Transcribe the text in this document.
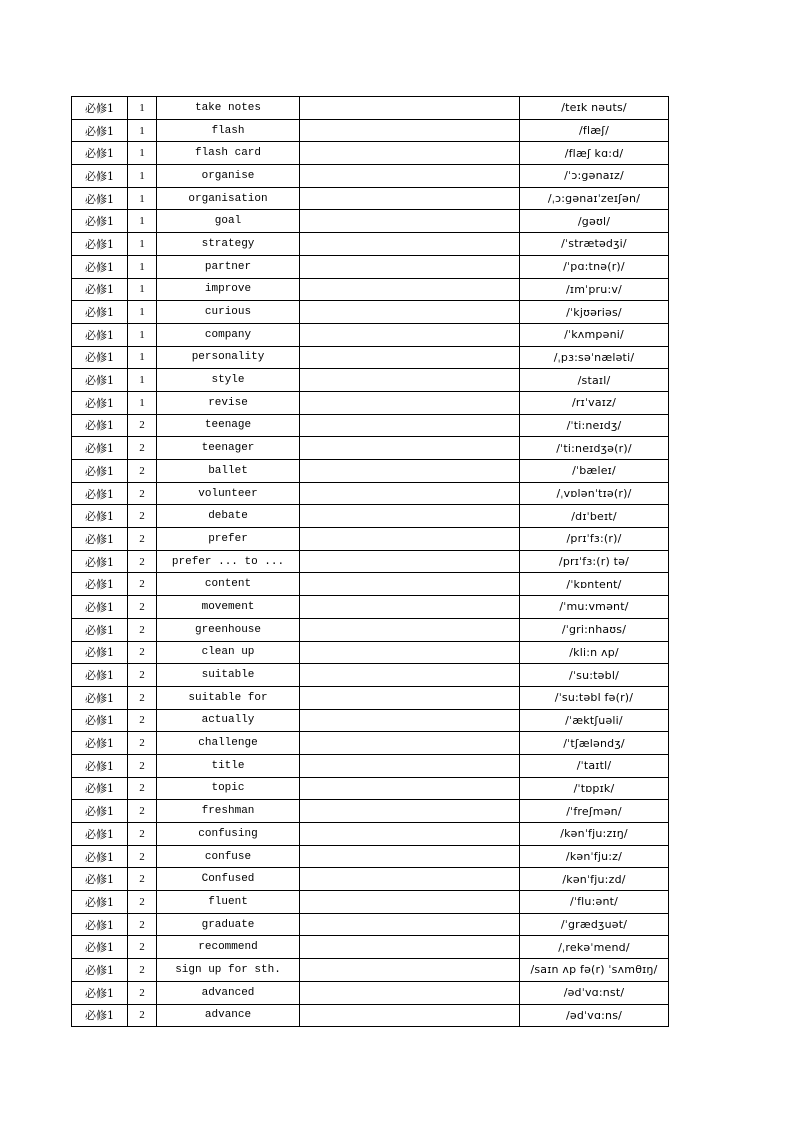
必修1	1	take notes		/teɪk nəuts/
必修1	1	flash		/flæʃ/
必修1	1	flash card		/flæʃ kɑ:d/
必修1	1	organise		/ˈɔ:gənaɪz/
必修1	1	organisation		/ˌɔ:gənaɪˈzeɪʃən/
必修1	1	goal		/gəʊl/
必修1	1	strategy		/ˈstrætədʒi/
必修1	1	partner		/ˈpɑ:tnə(r)/
必修1	1	improve		/ɪmˈpru:v/
必修1	1	curious		/ˈkjʊəriəs/
必修1	1	company		/ˈkʌmpəni/
必修1	1	personality		/ˌpɜ:səˈnæləti/
必修1	1	style		/staɪl/
必修1	1	revise		/rɪˈvaɪz/
必修1	2	teenage		/ˈti:neɪdʒ/
必修1	2	teenager		/ˈti:neɪdʒə(r)/
必修1	2	ballet		/ˈbæleɪ/
必修1	2	volunteer		/ˌvɒlənˈtɪə(r)/
必修1	2	debate		/dɪˈbeɪt/
必修1	2	prefer		/prɪˈfɜ:(r)/
必修1	2	prefer ... to ...		/prɪˈfɜ:(r) tə/
必修1	2	content		/ˈkɒntent/
必修1	2	movement		/ˈmu:vmənt/
必修1	2	greenhouse		/ˈgri:nhaʊs/
必修1	2	clean up		/kli:n ʌp/
必修1	2	suitable		/ˈsu:təbl/
必修1	2	suitable for		/ˈsu:təbl fə(r)/
必修1	2	actually		/ˈæktʃuəli/
必修1	2	challenge		/ˈtʃæləndʒ/
必修1	2	title		/ˈtaɪtl/
必修1	2	topic		/ˈtɒpɪk/
必修1	2	freshman		/ˈfreʃmən/
必修1	2	confusing		/kənˈfju:zɪŋ/
必修1	2	confuse		/kənˈfju:z/
必修1	2	Confused		/kənˈfju:zd/
必修1	2	fluent		/ˈflu:ənt/
必修1	2	graduate		/ˈgrædʒuət/
必修1	2	recommend		/ˌrekəˈmend/
必修1	2	sign up for sth.		/saɪn ʌp fə(r) ˈsʌmθɪŋ/
必修1	2	advanced		/ədˈvɑ:nst/
必修1	2	advance		/ədˈvɑ:ns/
